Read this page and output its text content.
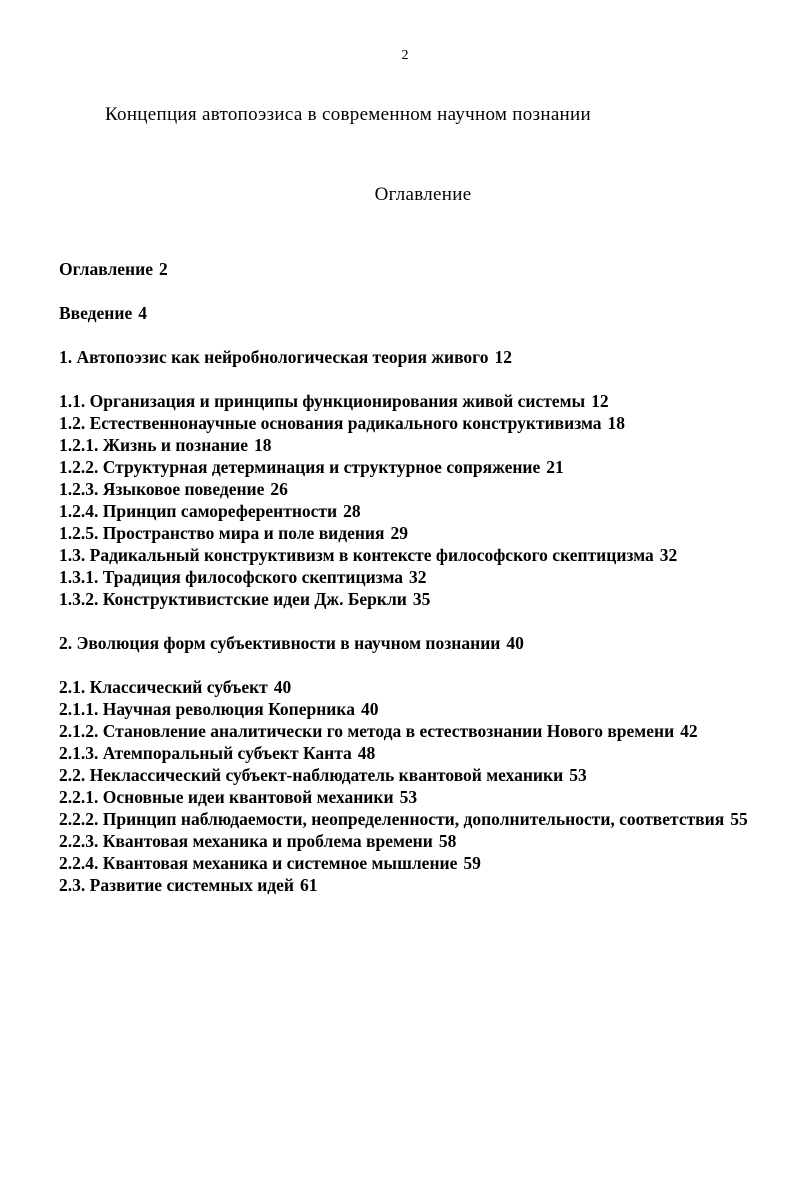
2
Концепция автопоэзиса в современном научном познании
Оглавление
Оглавление 2
Введение 4
1. Автопоэзис как нейробнологическая теория живого 12
1.1. Организация и принципы функционирования живой системы 12
1.2. Естественнонаучные основания радикального конструктивизма 18
1.2.1. Жизнь и познание 18
1.2.2. Структурная детерминация и структурное сопряжение 21
1.2.3. Языковое поведение 26
1.2.4. Принцип самореферентности 28
1.2.5. Пространство мира и поле видения 29
1.3. Радикальный конструктивизм в контексте философского скептицизма 32
1.3.1. Традиция философского скептицизма 32
1.3.2. Конструктивистские идеи Дж. Беркли 35
2. Эволюция форм субъективности в научном познании 40
2.1. Классический субъект 40
2.1.1. Научная революция Коперника 40
2.1.2. Становление аналитически го метода в естествознании Нового времени 42
2.1.3. Атемпоральный субъект Канта 48
2.2. Неклассический субъект-наблюдатель квантовой механики 53
2.2.1. Основные идеи квантовой механики 53
2.2.2. Принцип наблюдаемости, неопределенности, дополнительности, соответствия 55
2.2.3. Квантовая механика и проблема времени 58
2.2.4. Квантовая механика и системное мышление 59
2.3. Развитие системных идей 61
